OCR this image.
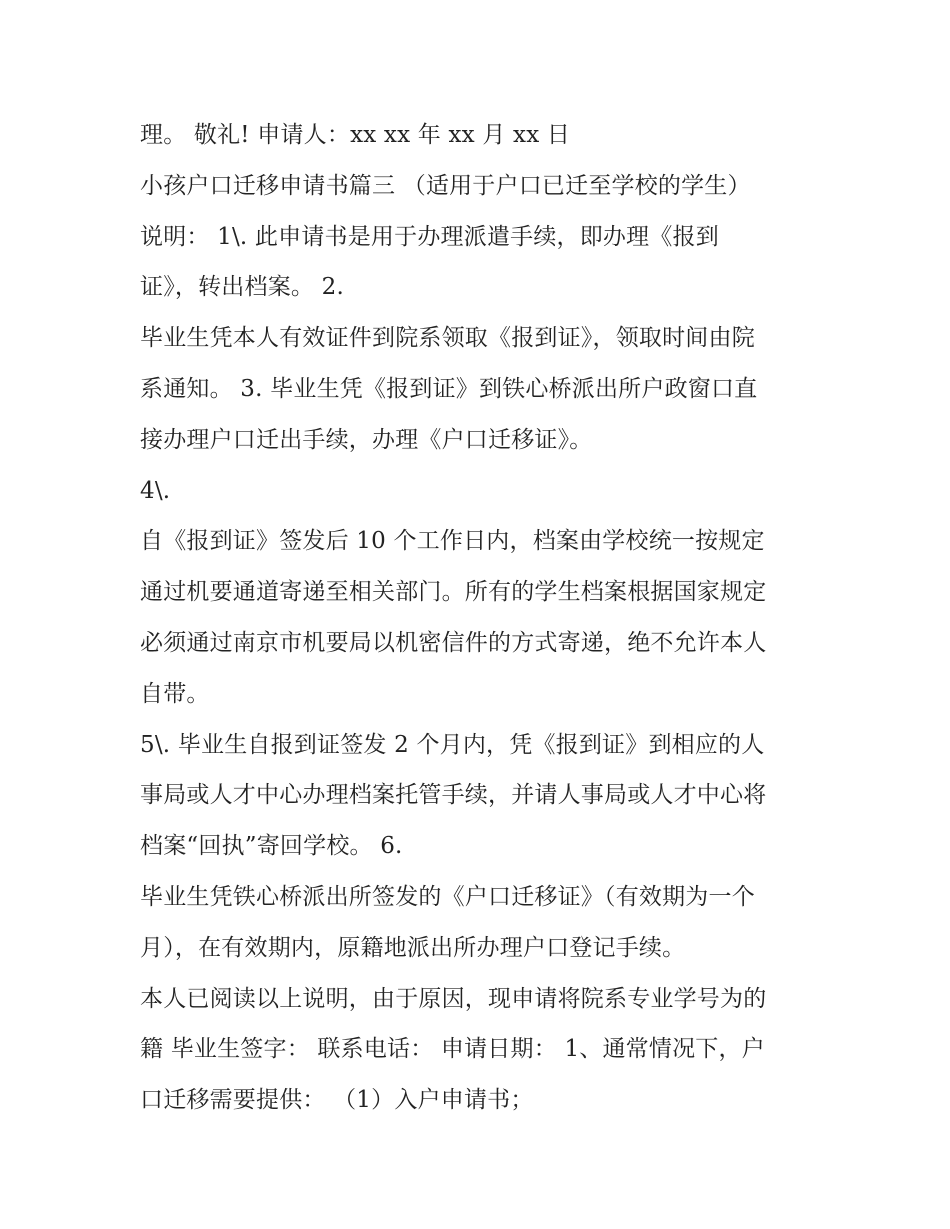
理。 敬礼! 申请人：xx xx 年 xx 月 xx 日
小孩户口迁移申请书篇三 （适用于户口已迁至学校的学生）
说明： 1\. 此申请书是用于办理派遣手续，即办理《报到
证》，转出档案。 2.
毕业生凭本人有效证件到院系领取《报到证》，领取时间由院
系通知。 3. 毕业生凭《报到证》到铁心桥派出所户政窗口直
接办理户口迁出手续，办理《户口迁移证》。
4\.
自《报到证》签发后 10 个工作日内，档案由学校统一按规定
通过机要通道寄递至相关部门。所有的学生档案根据国家规定
必须通过南京市机要局以机密信件的方式寄递，绝不允许本人
自带。
5\. 毕业生自报到证签发 2 个月内，凭《报到证》到相应的人
事局或人才中心办理档案托管手续，并请人事局或人才中心将
档案“回执”寄回学校。 6.
毕业生凭铁心桥派出所签发的《户口迁移证》（有效期为一个
月），在有效期内，原籍地派出所办理户口登记手续。
本人已阅读以上说明，由于原因，现申请将院系专业学号为的
籍 毕业生签字： 联系电话： 申请日期： 1、通常情况下，户
口迁移需要提供： （1）入户申请书；
